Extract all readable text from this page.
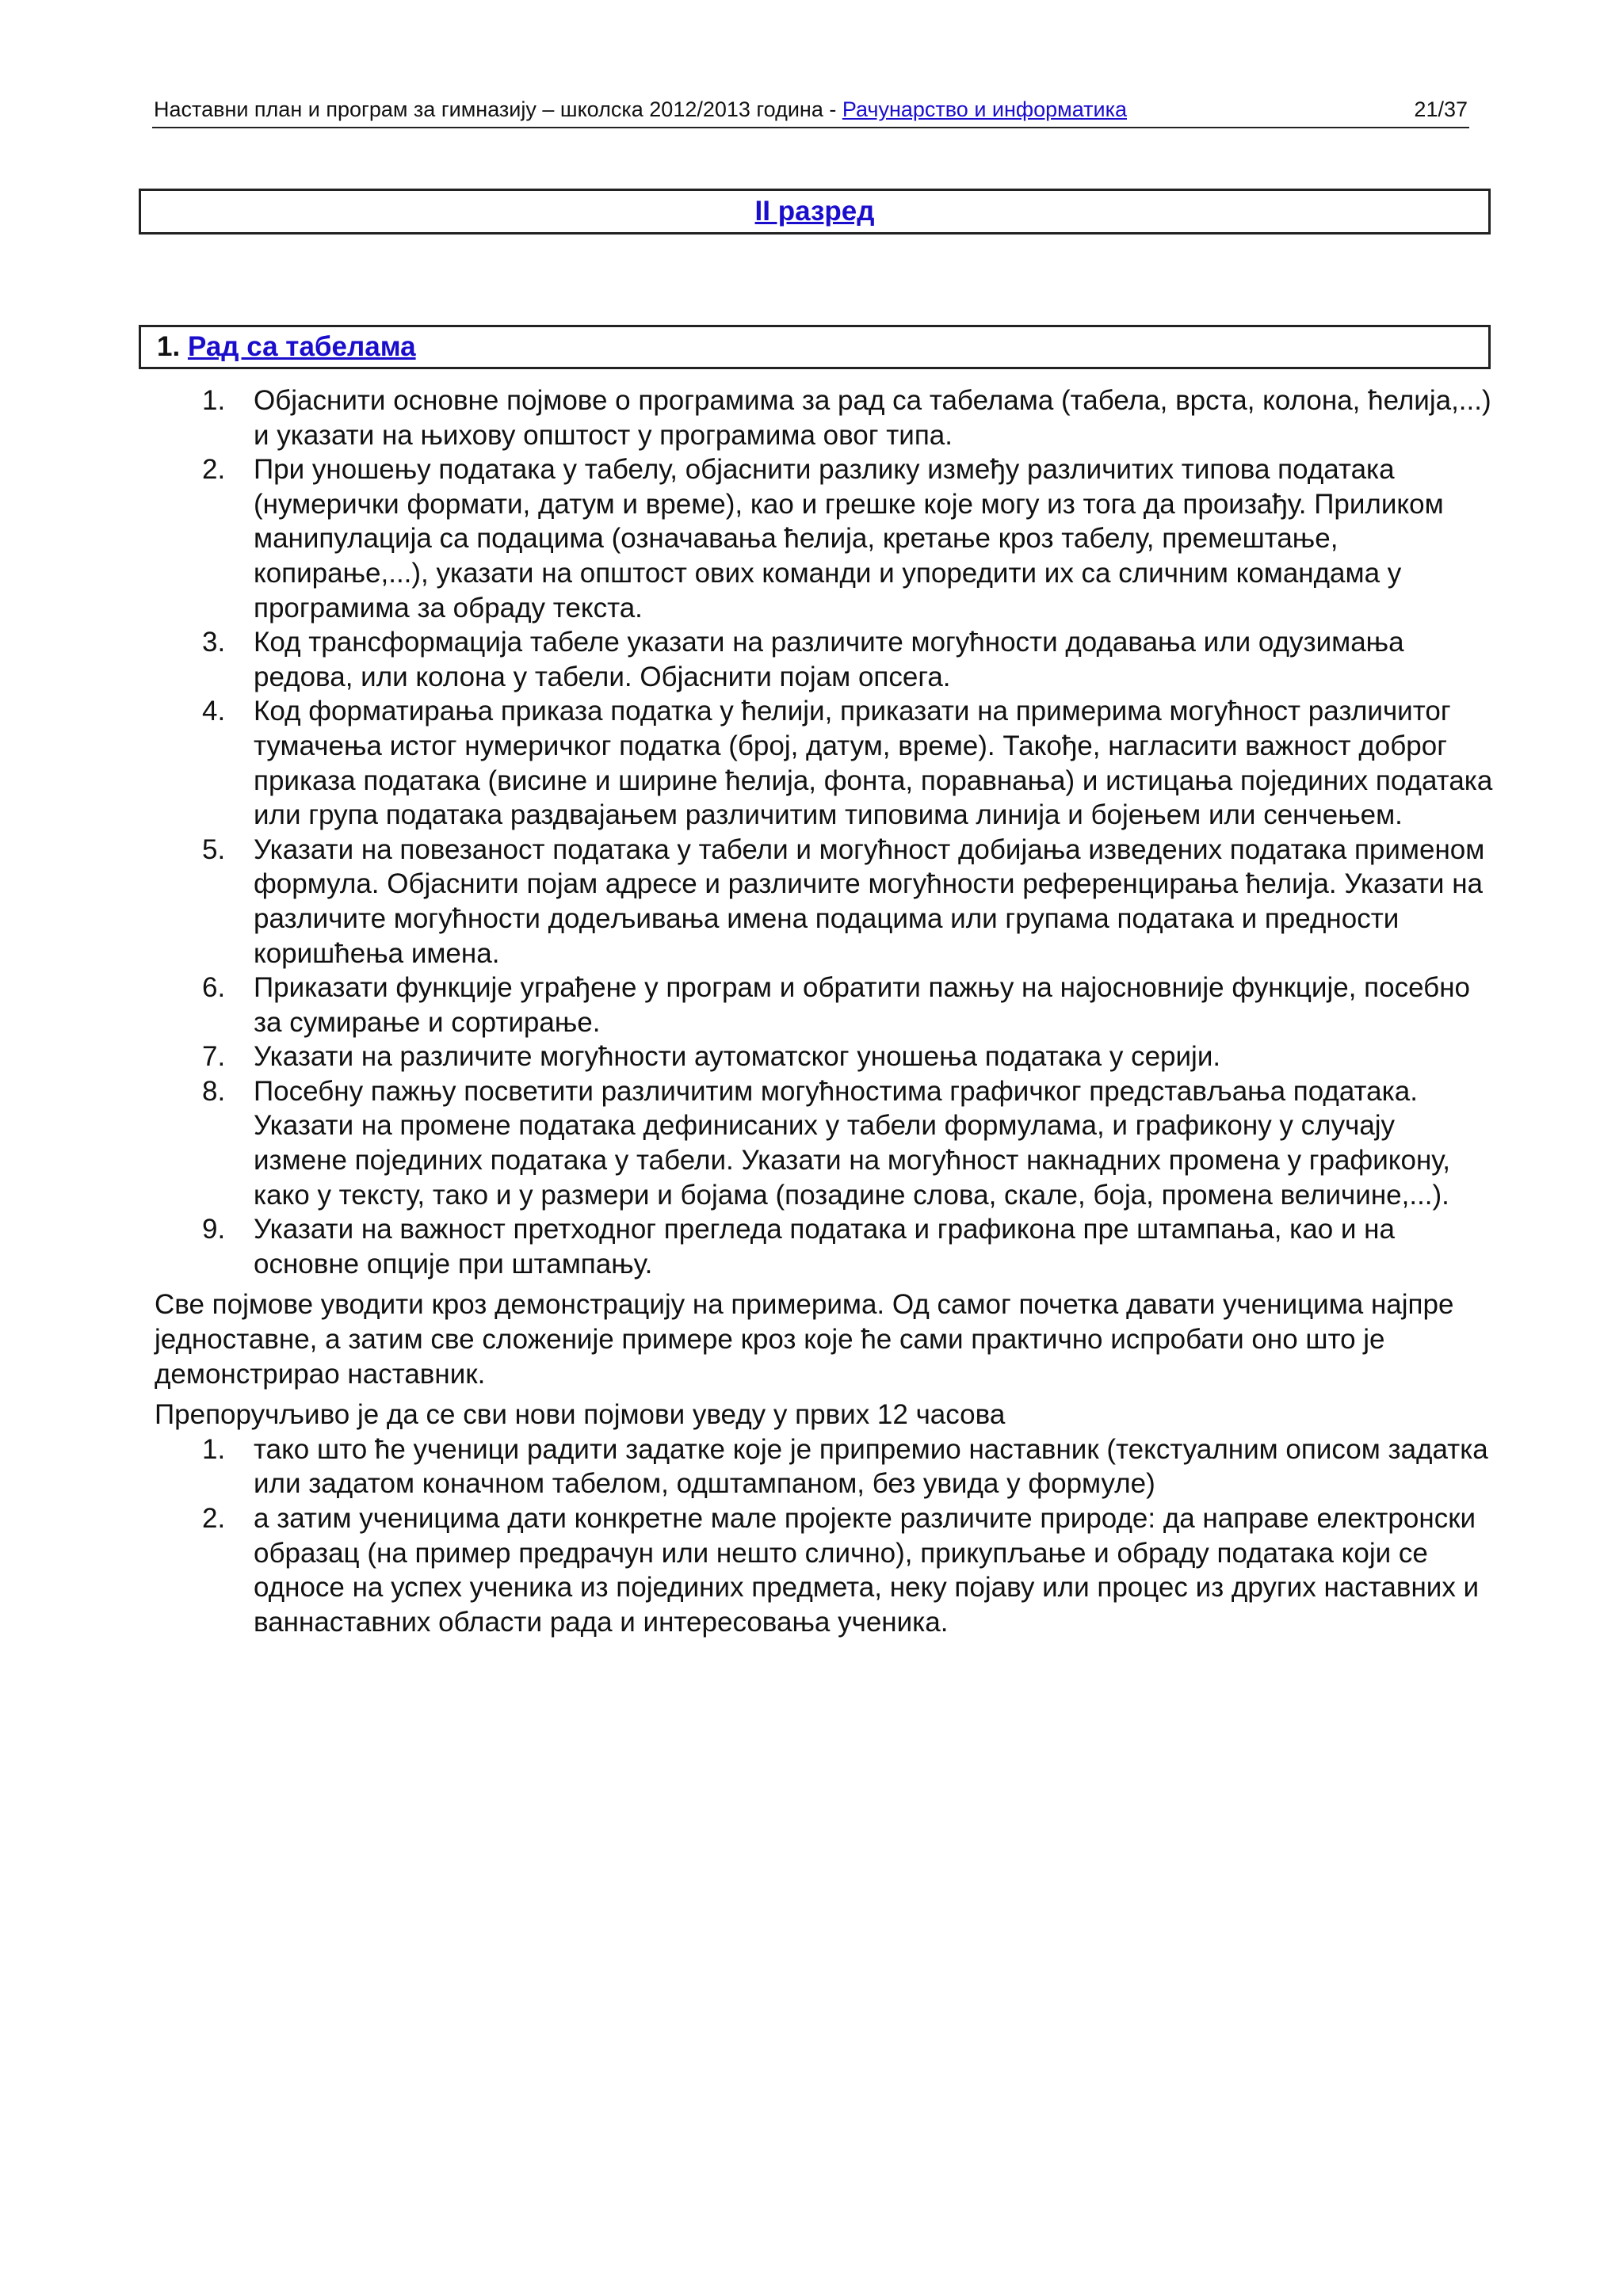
Наставни план и програм за гимназију – школска 2012/2013 година - Рачунарство и информатика	21/37
II разред
1. Рад са табелама
1. Објаснити основне појмове о програмима за рад са табелама (табела, врста, колона, ћелија,...) и указати на њихову општост у програмима овог типа.
2. При уношењу података у табелу, објаснити разлику између различитих типова података (нумерички формати, датум и време), као и грешке које могу из тога да произађу. Приликом манипулација са подацима (означавања ћелија, кретање кроз табелу, премештање, копирање,...), указати на општост ових команди и упоредити их са сличним командама у програмима за обраду текста.
3. Код трансформација табеле указати на различите могућности додавања или одузимања редова, или колона у табели. Објаснити појам опсега.
4. Код форматирања приказа податка у ћелији, приказати на примерима могућност различитог тумачења истог нумеричког податка (број, датум, време). Такође, нагласити важност доброг приказа података (висине и ширине ћелија, фонта, поравнања) и истицања појединих података или група података раздвајањем различитим типовима линија и бојењем или сенчењем.
5. Указати на повезаност података у табели и могућност добијања изведених података применом формула. Објаснити појам адресе и различите могућности референцирања ћелија. Указати на различите могућности додељивања имена подацима или групама података и предности коришћења имена.
6. Приказати функције уграђене у програм и обратити пажњу на најосновније функције, посебно за сумирање и сортирање.
7. Указати на различите могућности аутоматског уношења података у серији.
8. Посебну пажњу посветити различитим могућностима графичког представљања података. Указати на промене података дефинисаних у табели формулама, и графикону у случају измене појединих података у табели. Указати на могућност накнадних промена у графикону, како у тексту, тако и у размери и бојама (позадине слова, скале, боја, промена величине,...).
9. Указати на важност претходног прегледа података и графикона пре штампања, као и на основне опције при штампању.

Све појмове уводити кроз демонстрацију на примерима. Од самог почетка давати ученицима најпре једноставне, а затим све сложеније примере кроз које ће сами практично испробати оно што је демонстрирао наставник.

Препоручљиво је да се сви нови појмови уведу у првих 12 часова

1. тако што ће ученици радити задатке које је припремио наставник (текстуалним описом задатка или задатом коначном табелом, одштампаном, без увида у формуле)
2. а затим ученицима дати конкретне мале пројекте различите природе: да направе електронски образац (на пример предрачун или нешто слично), прикупљање и обраду података који се односе на успех ученика из појединих предмета, неку појаву или процес из других наставних и ваннаставних области рада и интересовања ученика.
